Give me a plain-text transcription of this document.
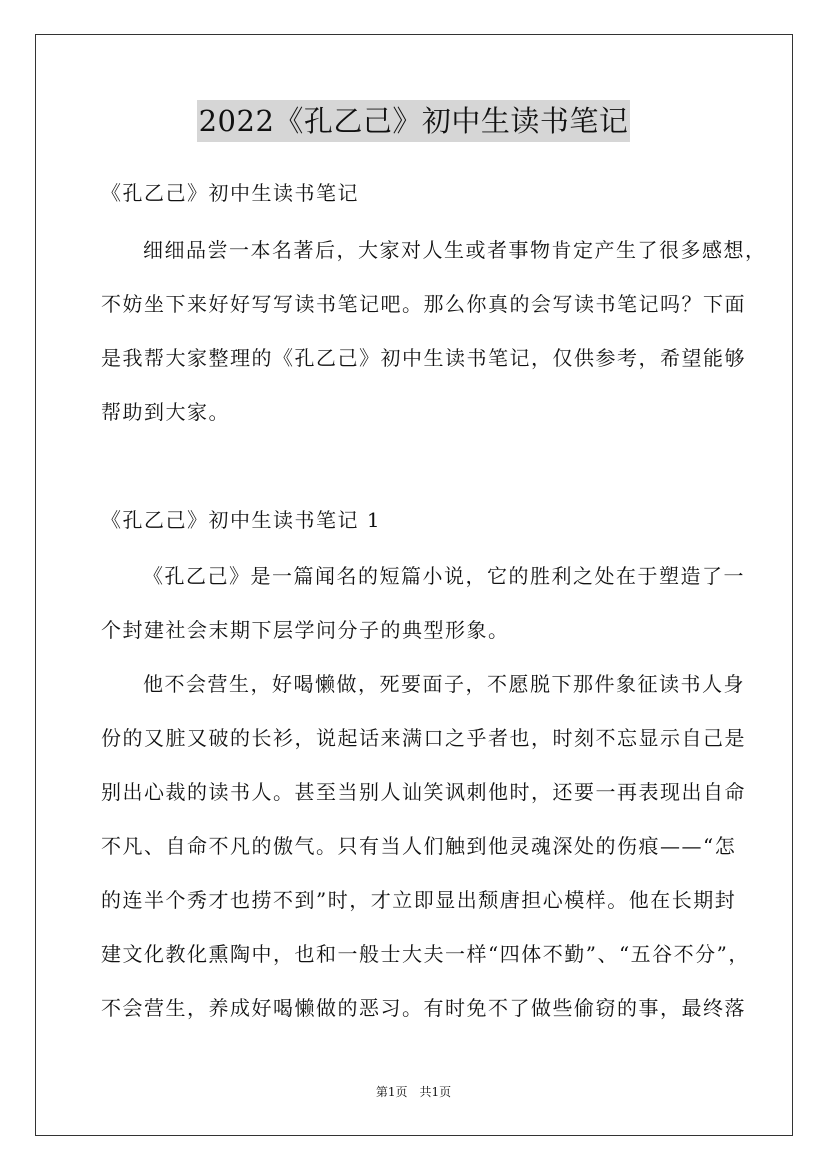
2022《孔乙己》初中生读书笔记

《孔乙己》初中生读书笔记

细细品尝一本名著后，大家对人生或者事物肯定产生了很多感想，

不妨坐下来好好写写读书笔记吧。那么你真的会写读书笔记吗？下面

是我帮大家整理的《孔乙己》初中生读书笔记，仅供参考，希望能够

帮助到大家。

《孔乙己》初中生读书笔记 1

《孔乙己》是一篇闻名的短篇小说，它的胜利之处在于塑造了一

个封建社会末期下层学问分子的典型形象。

他不会营生，好喝懒做，死要面子，不愿脱下那件象征读书人身

份的又脏又破的长衫，说起话来满口之乎者也，时刻不忘显示自己是

别出心裁的读书人。甚至当别人讪笑讽刺他时，还要一再表现出自命

不凡、自命不凡的傲气。只有当人们触到他灵魂深处的伤痕——“怎

的连半个秀才也捞不到”时，才立即显出颓唐担心模样。他在长期封

建文化教化熏陶中，也和一般士大夫一样“四体不勤”、“五谷不分”，

不会营生，养成好喝懒做的恶习。有时免不了做些偷窃的事，最终落

第1页　共1页
